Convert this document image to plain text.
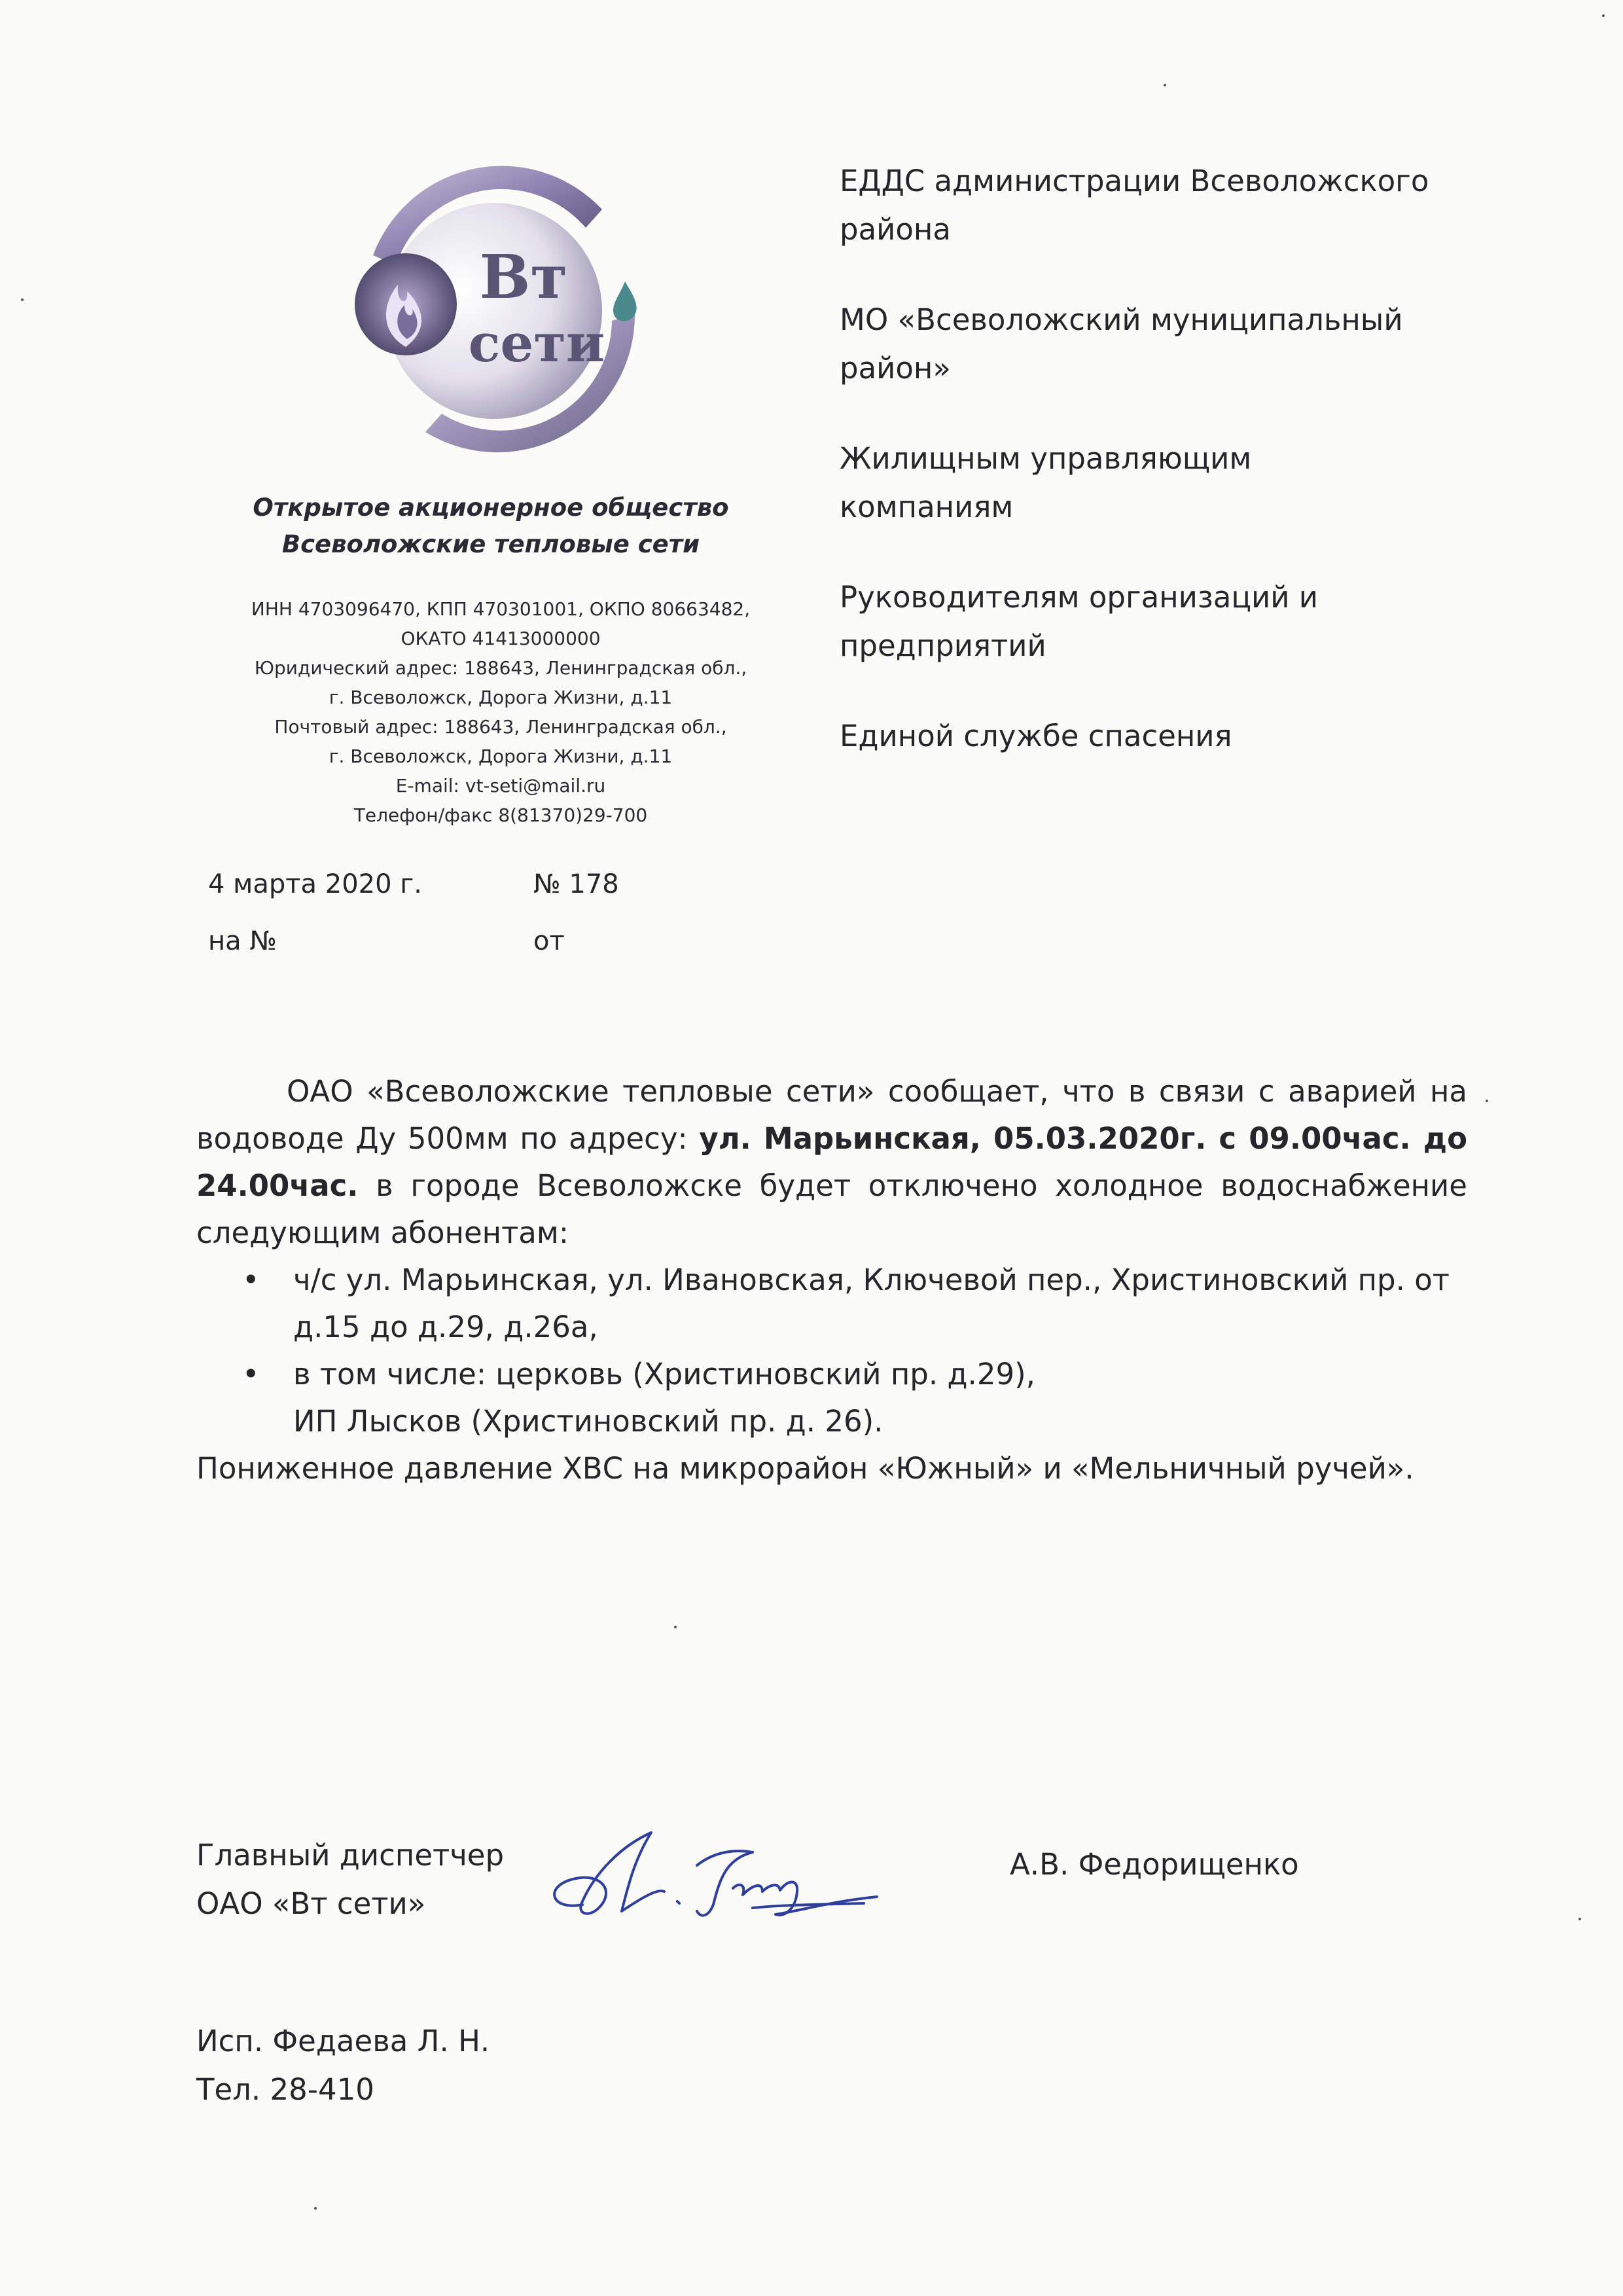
Вт
сети
Открытое акционерное общество
Всеволожские тепловые сети
ИНН 4703096470, КПП 470301001, ОКПО 80663482,
ОКАТО 41413000000
Юридический адрес: 188643, Ленинградская обл.,
г. Всеволожск, Дорога Жизни, д.11
Почтовый адрес: 188643, Ленинградская обл.,
г. Всеволожск, Дорога Жизни, д.11
E-mail: vt-seti@mail.ru
Телефон/факс 8(81370)29-700
ЕДДС администрации Всеволожского
района
МО «Всеволожский муниципальный
район»
Жилищным управляющим
компаниям
Руководителям организаций и
предприятий
Единой службе спасения
4 марта 2020 г.	№ 178
на №	от

ОАО «Всеволожские тепловые сети» сообщает, что в связи с аварией на водоводе Ду 500мм по адресу: ул. Марьинская, 05.03.2020г. с 09.00час. до 24.00час. в городе Всеволожске будет отключено холодное водоснабжение следующим абонентам:

• ч/с ул. Марьинская, ул. Ивановская, Ключевой пер., Христиновский пр. от д.15 до д.29, д.26а,
• в том числе: церковь (Христиновский пр. д.29),
ИП Лысков (Христиновский пр. д. 26).

Пониженное давление ХВС на микрорайон «Южный» и «Мельничный ручей».

Главный диспетчер
ОАО «Вт сети»
А.В. Федорищенко
Исп. Федаева Л. Н.
Тел. 28-410
